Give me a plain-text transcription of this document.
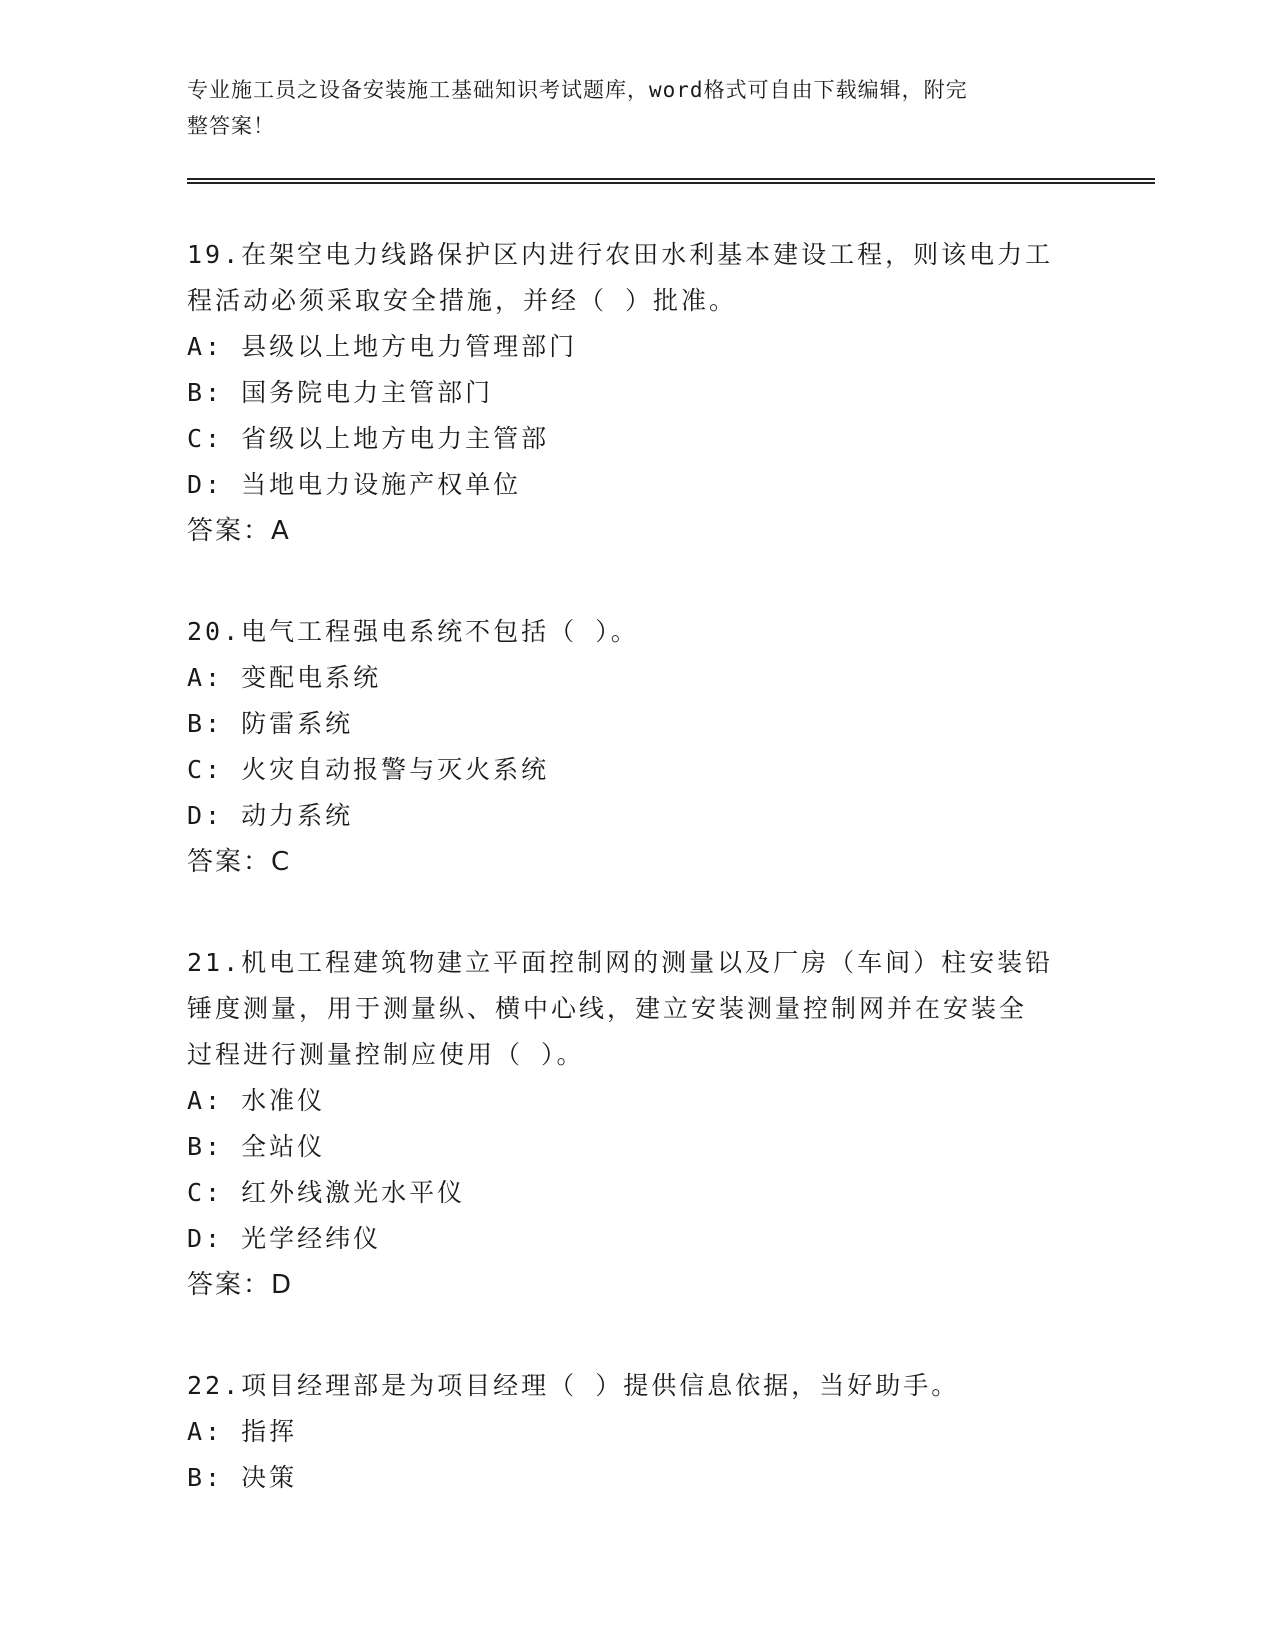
专业施工员之设备安装施工基础知识考试题库，word格式可自由下载编辑，附完
整答案！
19.在架空电力线路保护区内进行农田水利基本建设工程，则该电力工
程活动必须采取安全措施，并经（ ）批准。
A: 县级以上地方电力管理部门
B: 国务院电力主管部门
C: 省级以上地方电力主管部
D: 当地电力设施产权单位
答案：A
20.电气工程强电系统不包括（ ）。
A: 变配电系统
B: 防雷系统
C: 火灾自动报警与灭火系统
D: 动力系统
答案：C
21.机电工程建筑物建立平面控制网的测量以及厂房（车间）柱安装铅
锤度测量，用于测量纵、横中心线，建立安装测量控制网并在安装全
过程进行测量控制应使用（ ）。
A: 水准仪
B: 全站仪
C: 红外线激光水平仪
D: 光学经纬仪
答案：D
22.项目经理部是为项目经理（ ）提供信息依据，当好助手。
A: 指挥
B: 决策
